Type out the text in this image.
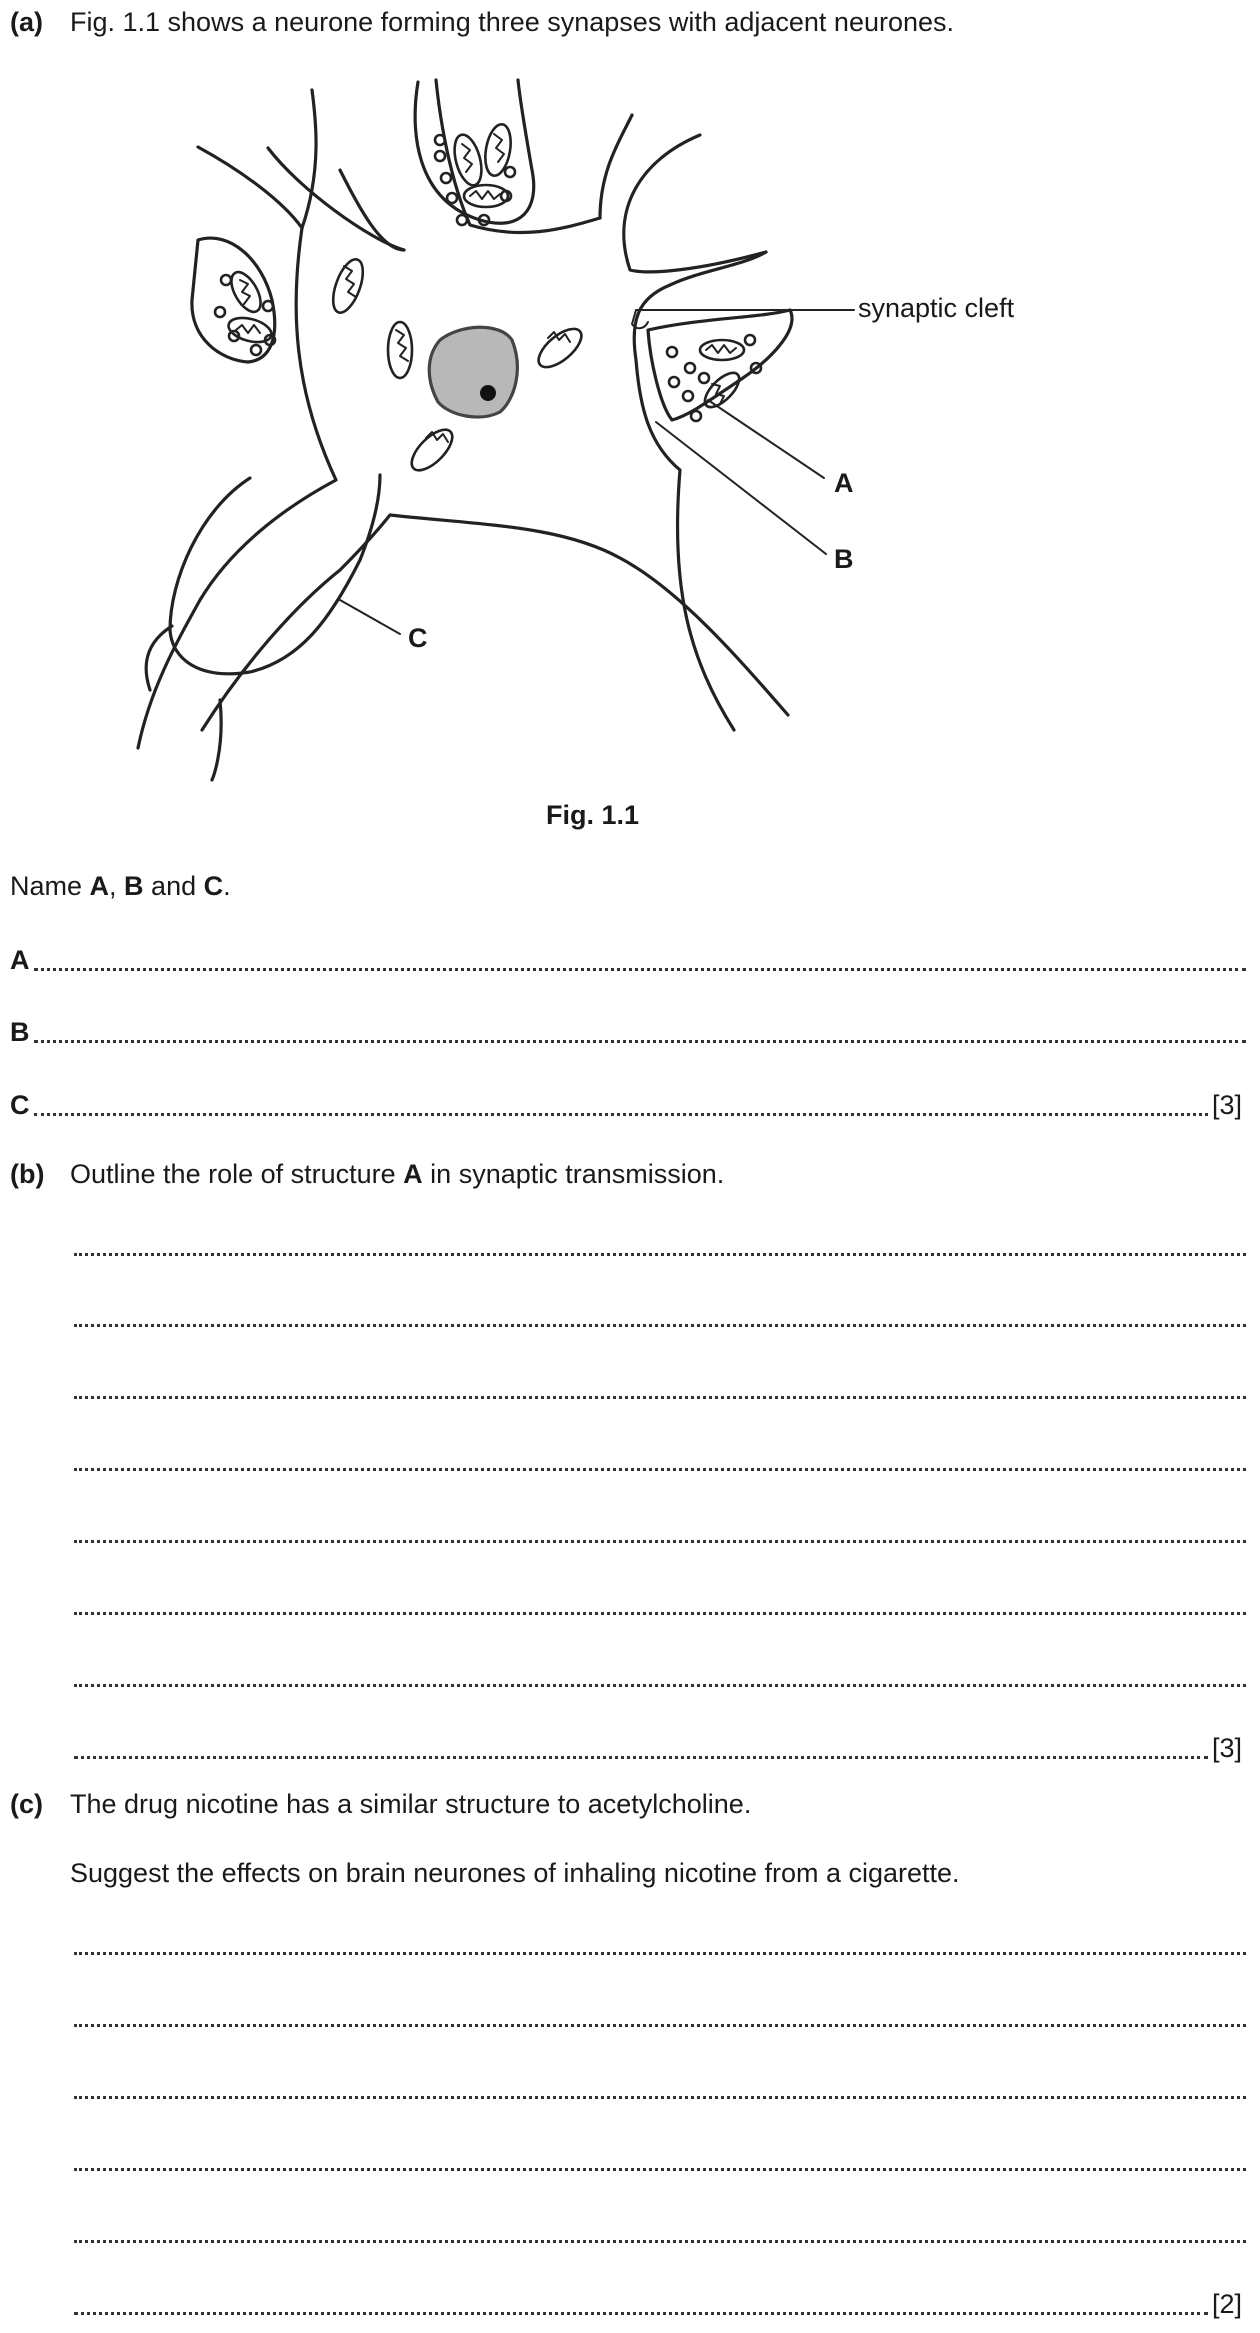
(a) Fig. 1.1 shows a neurone forming three synapses with adjacent neurones.
synaptic cleft
A
B
C
Fig. 1.1
Name A, B and C.
A
B
C	[3]
(b) Outline the role of structure A in synaptic transmission.
[3]
(c) The drug nicotine has a similar structure to acetylcholine.
Suggest the effects on brain neurones of inhaling nicotine from a cigarette.
[2]
